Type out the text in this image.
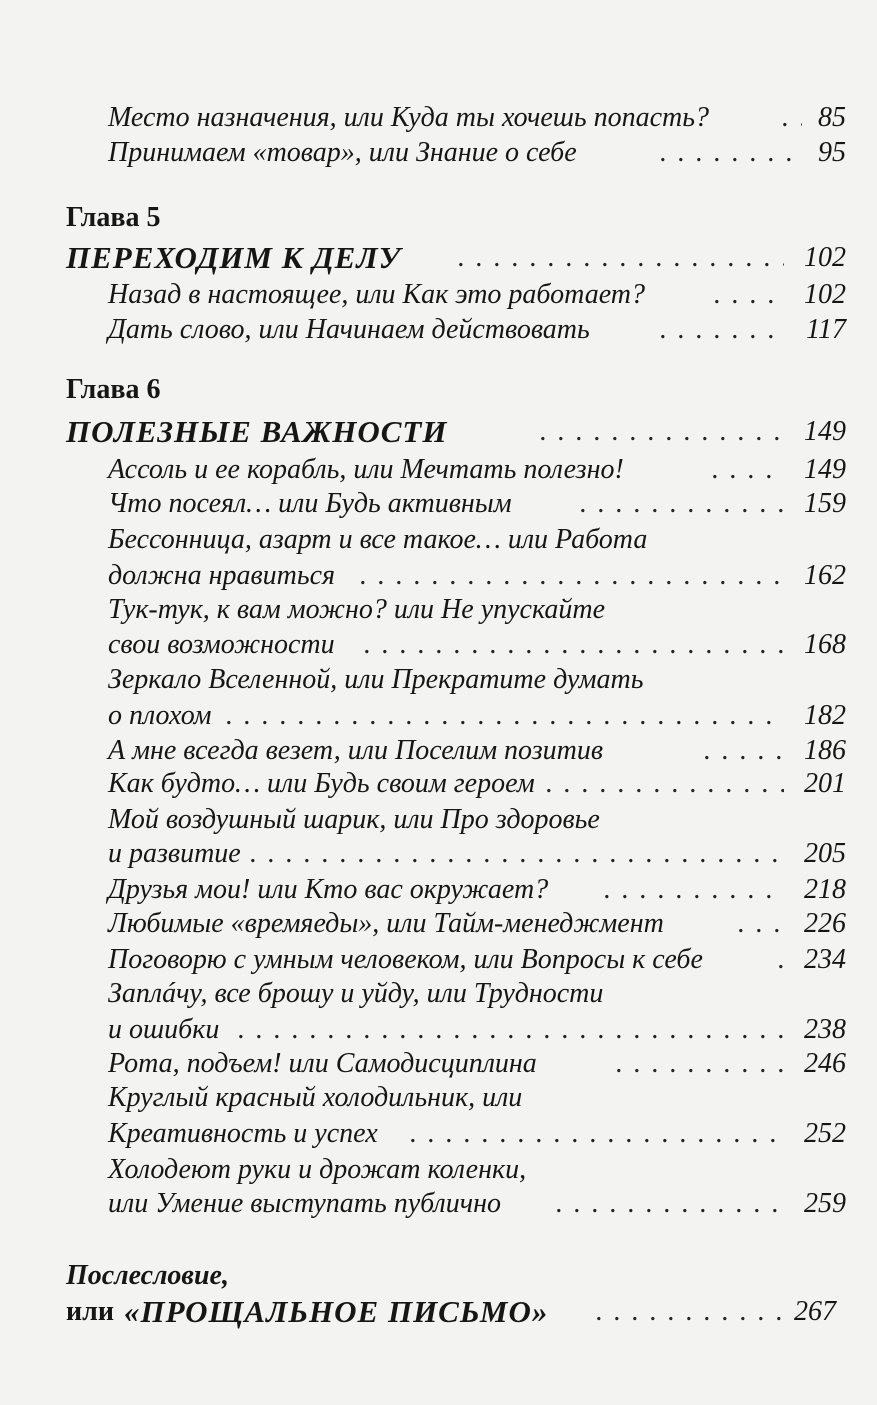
Место назначения, или Куда ты хочешь попасть? . . .	85
Принимаем «товар», или Знание о себе . . .	95
Глава 5
ПЕРЕХОДИМ К ДЕЛУ . . .	102
Назад в настоящее, или Как это работает? . . .	102
Дать слово, или Начинаем действовать . . .	117
Глава 6
ПОЛЕЗНЫЕ ВАЖНОСТИ . . .	149
Ассоль и ее корабль, или Мечтать полезно! . . .	149
Что посеял… или Будь активным . . .	159
Бессонница, азарт и все такое… или Работа
должна нравиться . . .	162
Тук-тук, к вам можно? или Не упускайте
свои возможности . . .	168
Зеркало Вселенной, или Прекратите думать
о плохом . . .	182
А мне всегда везет, или Поселим позитив . . .	186
Как будто… или Будь своим героем . . .	201
Мой воздушный шарик, или Про здоровье
и развитие . . .	205
Друзья мои! или Кто вас окружает? . . .	218
Любимые «времяеды», или Тайм-менеджмент . . .	226
Поговорю с умным человеком, или Вопросы к себе . . .	234
Заплáчу, все брошу и уйду, или Трудности
и ошибки . . .	238
Рота, подъем! или Самодисциплина . . .	246
Круглый красный холодильник, или
Креативность и успех . . .	252
Холодеют руки и дрожат коленки,
или Умение выступать публично . . .	259
Послесловие,
или «ПРОЩАЛЬНОЕ ПИСЬМО» . . .	267
